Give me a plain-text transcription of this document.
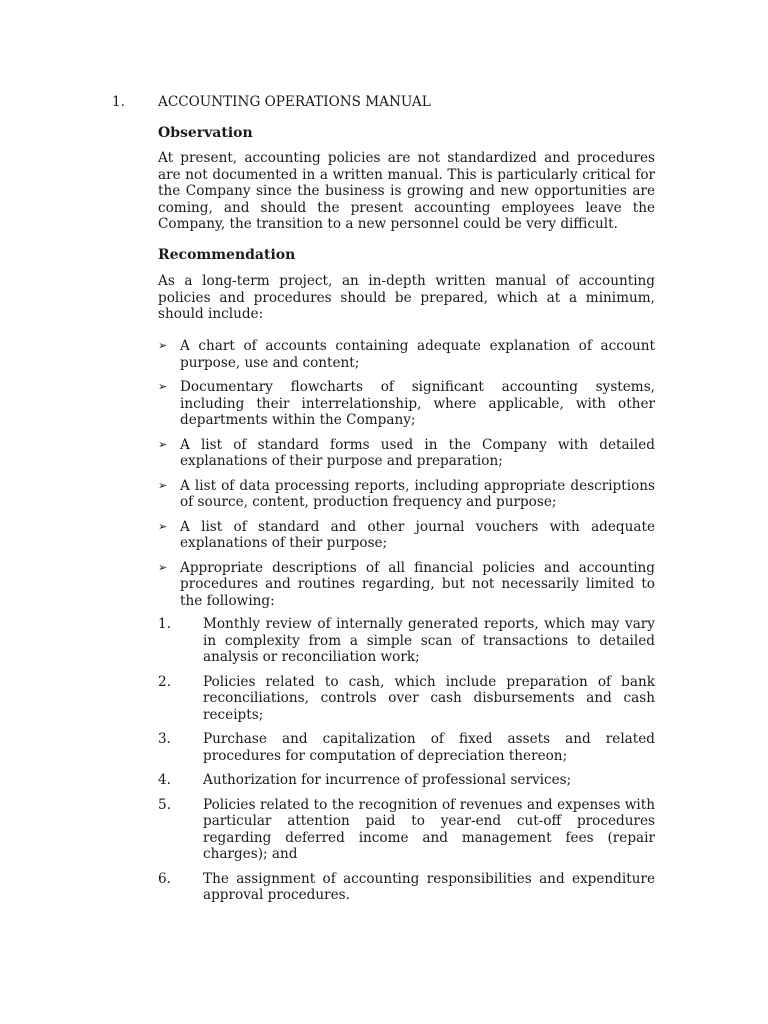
1. ACCOUNTING OPERATIONS MANUAL

Observation

At present, accounting policies are not standardized and procedures are not documented in a written manual. This is particularly critical for the Company since the business is growing and new opportunities are coming, and should the present accounting employees leave the Company, the transition to a new personnel could be very difficult.

Recommendation

As a long-term project, an in-depth written manual of accounting policies and procedures should be prepared, which at a minimum, should include:

➢ A chart of accounts containing adequate explanation of account purpose, use and content;
➢ Documentary flowcharts of significant accounting systems, including their interrelationship, where applicable, with other departments within the Company;
➢ A list of standard forms used in the Company with detailed explanations of their purpose and preparation;
➢ A list of data processing reports, including appropriate descriptions of source, content, production frequency and purpose;
➢ A list of standard and other journal vouchers with adequate explanations of their purpose;
➢ Appropriate descriptions of all financial policies and accounting procedures and routines regarding, but not necessarily limited to the following:
1. Monthly review of internally generated reports, which may vary in complexity from a simple scan of transactions to detailed analysis or reconciliation work;
2. Policies related to cash, which include preparation of bank reconciliations, controls over cash disbursements and cash receipts;
3. Purchase and capitalization of fixed assets and related procedures for computation of depreciation thereon;
4. Authorization for incurrence of professional services;
5. Policies related to the recognition of revenues and expenses with particular attention paid to year-end cut-off procedures regarding deferred income and management fees (repair charges); and
6. The assignment of accounting responsibilities and expenditure approval procedures.
